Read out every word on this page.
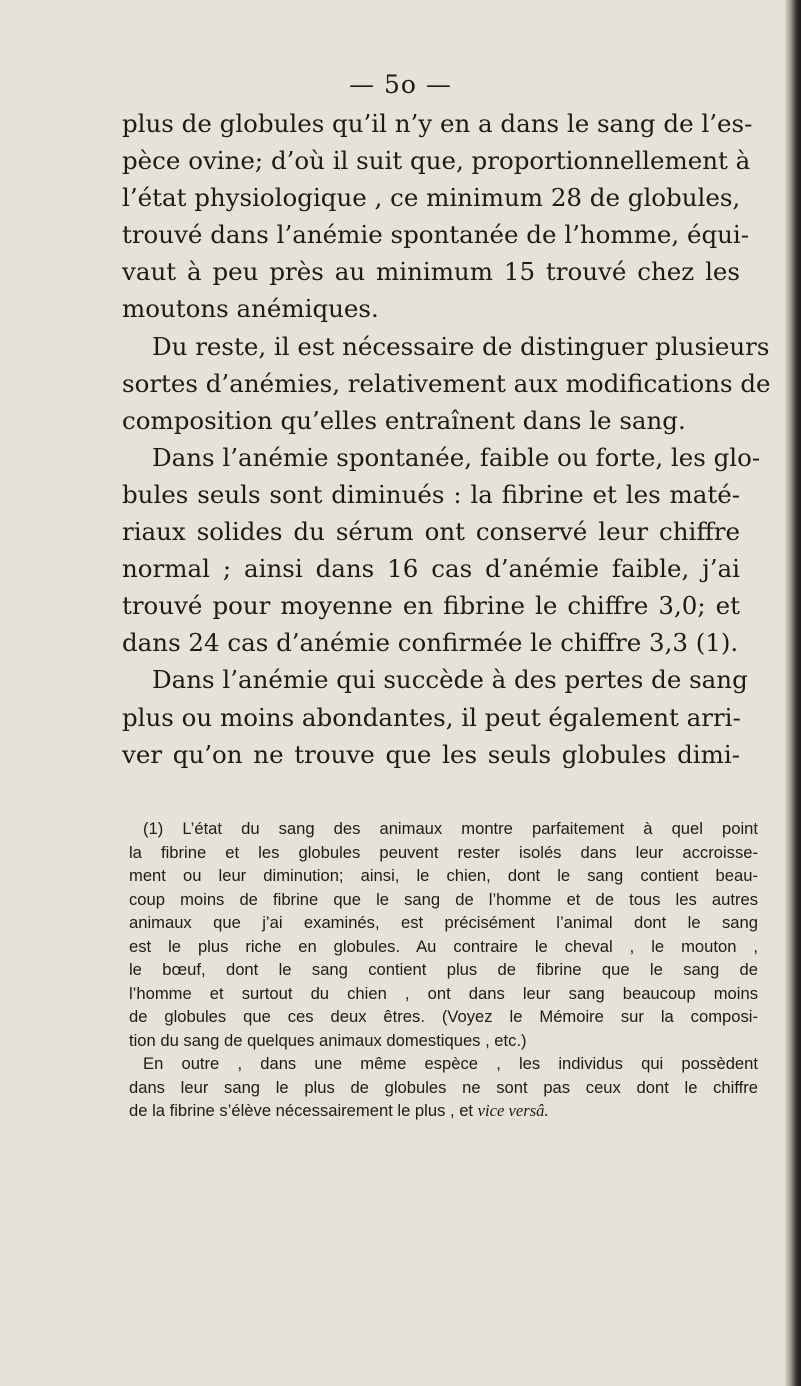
— 5o —
plus de globules qu’il n’y en a dans le sang de l’es-
pèce ovine; d’où il suit que, proportionnellement à
l’état physiologique , ce minimum 28 de globules,
trouvé dans l’anémie spontanée de l’homme, équi-
vaut à peu près au minimum 15 trouvé chez les
moutons anémiques.
Du reste, il est nécessaire de distinguer plusieurs
sortes d’anémies, relativement aux modifications de
composition qu’elles entraînent dans le sang.
Dans l’anémie spontanée, faible ou forte, les glo-
bules seuls sont diminués : la fibrine et les maté-
riaux solides du sérum ont conservé leur chiffre
normal ; ainsi dans 16 cas d’anémie faible, j’ai
trouvé pour moyenne en fibrine le chiffre 3,0; et
dans 24 cas d’anémie confirmée le chiffre 3,3 (1).
Dans l’anémie qui succède à des pertes de sang
plus ou moins abondantes, il peut également arri-
ver qu’on ne trouve que les seuls globules dimi-
(1) L’état du sang des animaux montre parfaitement à quel point
la fibrine et les globules peuvent rester isolés dans leur accroisse-
ment ou leur diminution; ainsi, le chien, dont le sang contient beau-
coup moins de fibrine que le sang de l’homme et de tous les autres
animaux que j’ai examinés, est précisément l’animal dont le sang
est le plus riche en globules. Au contraire le cheval , le mouton ,
le bœuf, dont le sang contient plus de fibrine que le sang de
l’homme et surtout du chien , ont dans leur sang beaucoup moins
de globules que ces deux êtres. (Voyez le Mémoire sur la composi-
tion du sang de quelques animaux domestiques , etc.)
En outre , dans une même espèce , les individus qui possèdent
dans leur sang le plus de globules ne sont pas ceux dont le chiffre
de la fibrine s’élève nécessairement le plus , et vice versâ.
